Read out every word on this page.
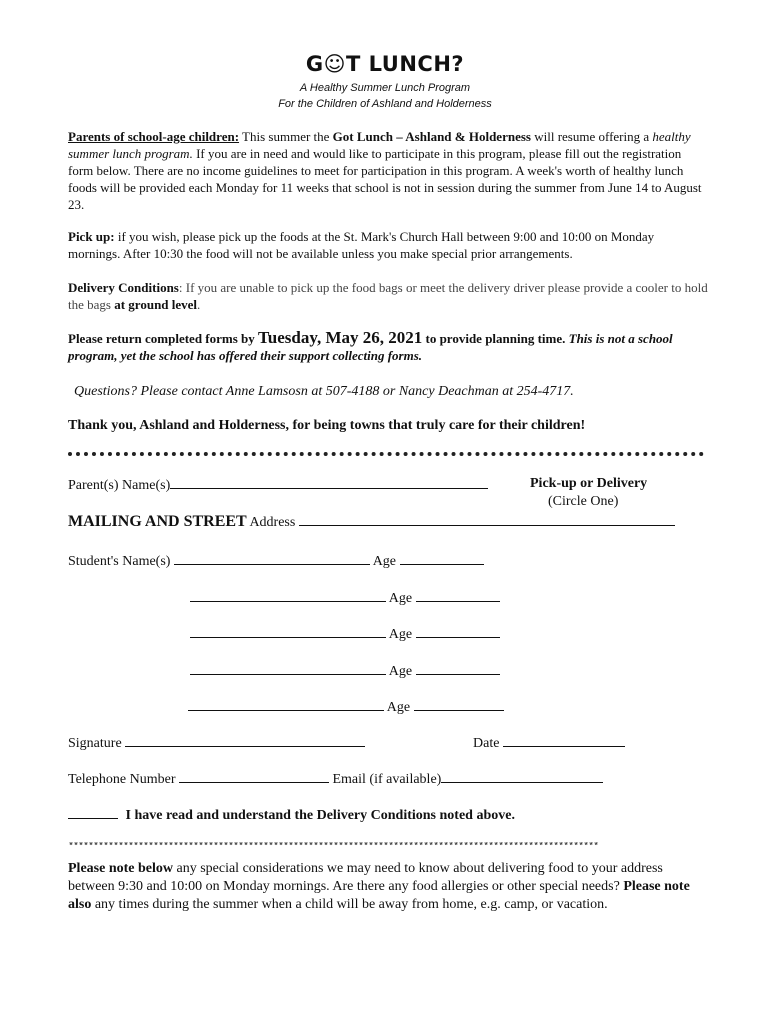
G☺T LUNCH?
A Healthy Summer Lunch Program
For the Children of Ashland and Holderness
Parents of school-age children: This summer the Got Lunch – Ashland & Holderness will resume offering a healthy summer lunch program. If you are in need and would like to participate in this program, please fill out the registration form below. There are no income guidelines to meet for participation in this program. A week's worth of healthy lunch foods will be provided each Monday for 11 weeks that school is not in session during the summer from June 14 to August 23.
Pick up: if you wish, please pick up the foods at the St. Mark's Church Hall between 9:00 and 10:00 on Monday mornings. After 10:30 the food will not be available unless you make special prior arrangements.
Delivery Conditions: If you are unable to pick up the food bags or meet the delivery driver please provide a cooler to hold the bags at ground level.
Please return completed forms by Tuesday, May 26, 2021 to provide planning time. This is not a school program, yet the school has offered their support collecting forms.
Questions? Please contact Anne Lamsosn at 507-4188 or Nancy Deachman at 254-4717.
Thank you, Ashland and Holderness, for being towns that truly care for their children!
Parent(s) Name(s)	Pick-up or Delivery
(Circle One)
MAILING AND STREET Address
Student's Name(s)	Age
Age
Age
Age
Age
Signature	Date
Telephone Number	Email (if available)
I have read and understand the Delivery Conditions noted above.
**********************************************************************************************************
Please note below any special considerations we may need to know about delivering food to your address between 9:30 and 10:00 on Monday mornings. Are there any food allergies or other special needs? Please note also any times during the summer when a child will be away from home, e.g. camp, or vacation.
